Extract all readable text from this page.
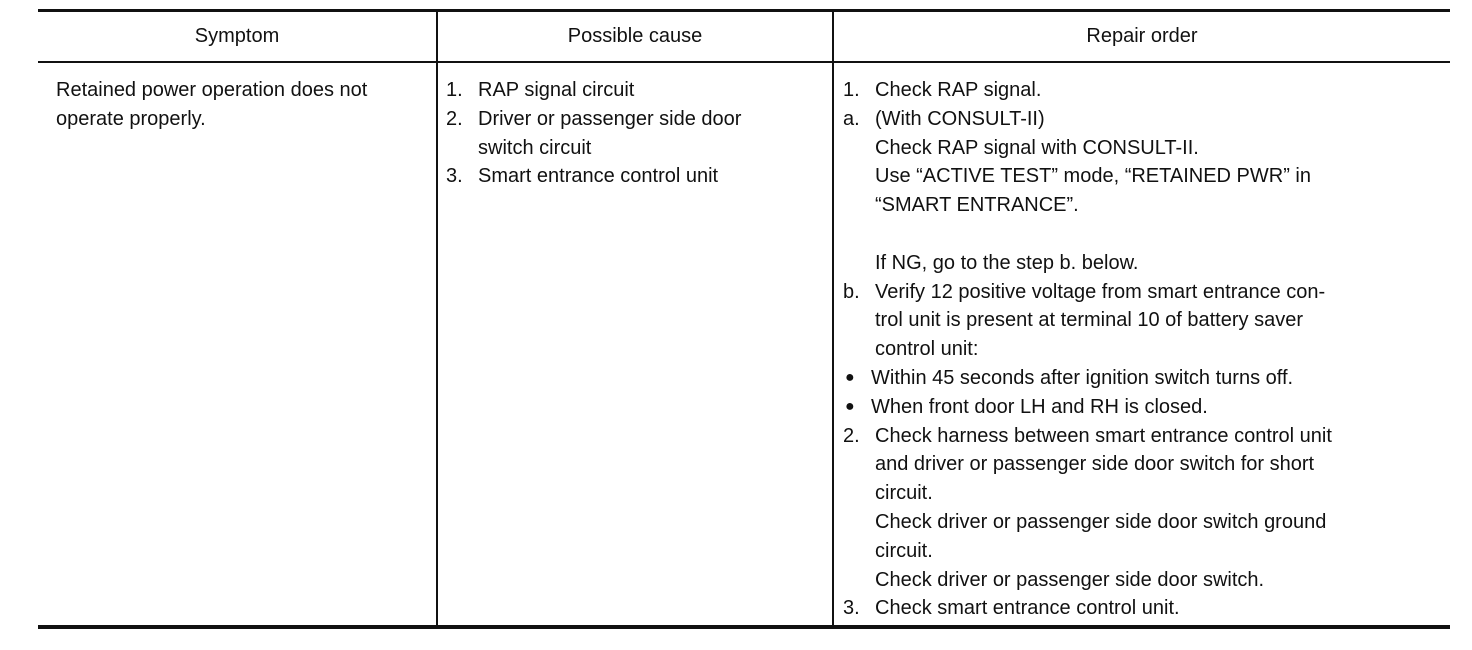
Symptom	Possible cause	Repair order
Retained power operation does not
operate properly.
1. RAP signal circuit
2. Driver or passenger side door
switch circuit
3. Smart entrance control unit
1. Check RAP signal.
a. (With CONSULT-II)
Check RAP signal with CONSULT-II.
Use “ACTIVE TEST” mode, “RETAINED PWR” in
“SMART ENTRANCE”.
If NG, go to the step b. below.
b. Verify 12 positive voltage from smart entrance con-
trol unit is present at terminal 10 of battery saver
control unit:
● Within 45 seconds after ignition switch turns off.
● When front door LH and RH is closed.
2. Check harness between smart entrance control unit
and driver or passenger side door switch for short
circuit.
Check driver or passenger side door switch ground
circuit.
Check driver or passenger side door switch.
3. Check smart entrance control unit.
